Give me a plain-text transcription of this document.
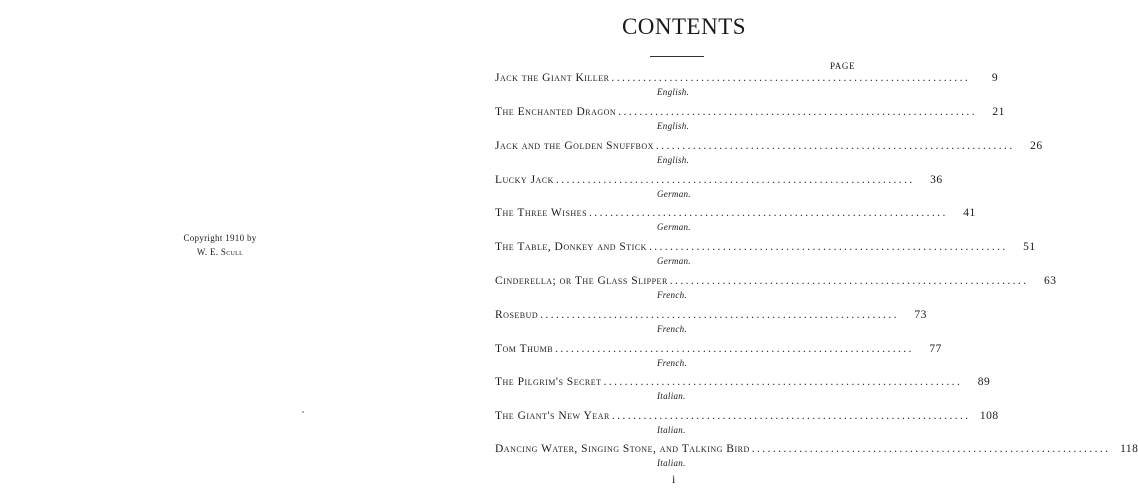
Copyright 1910 by
W. E. Scull
CONTENTS
PAGE
Jack the Giant Killer ....................................................................	9
English.
The Enchanted Dragon ....................................................................	21
English.
Jack and the Golden Snuffbox ....................................................................	26
English.
Lucky Jack ....................................................................	36
German.
The Three Wishes ....................................................................	41
German.
The Table, Donkey and Stick ....................................................................	51
German.
Cinderella; or The Glass Slipper ....................................................................	63
French.
Rosebud ....................................................................	73
French.
Tom Thumb ....................................................................	77
French.
The Pilgrim's Secret ....................................................................	89
Italian.
The Giant's New Year .................................................................... 108
Italian.
Dancing Water, Singing Stone, and Talking Bird .................................................................... 118
Italian.
i
